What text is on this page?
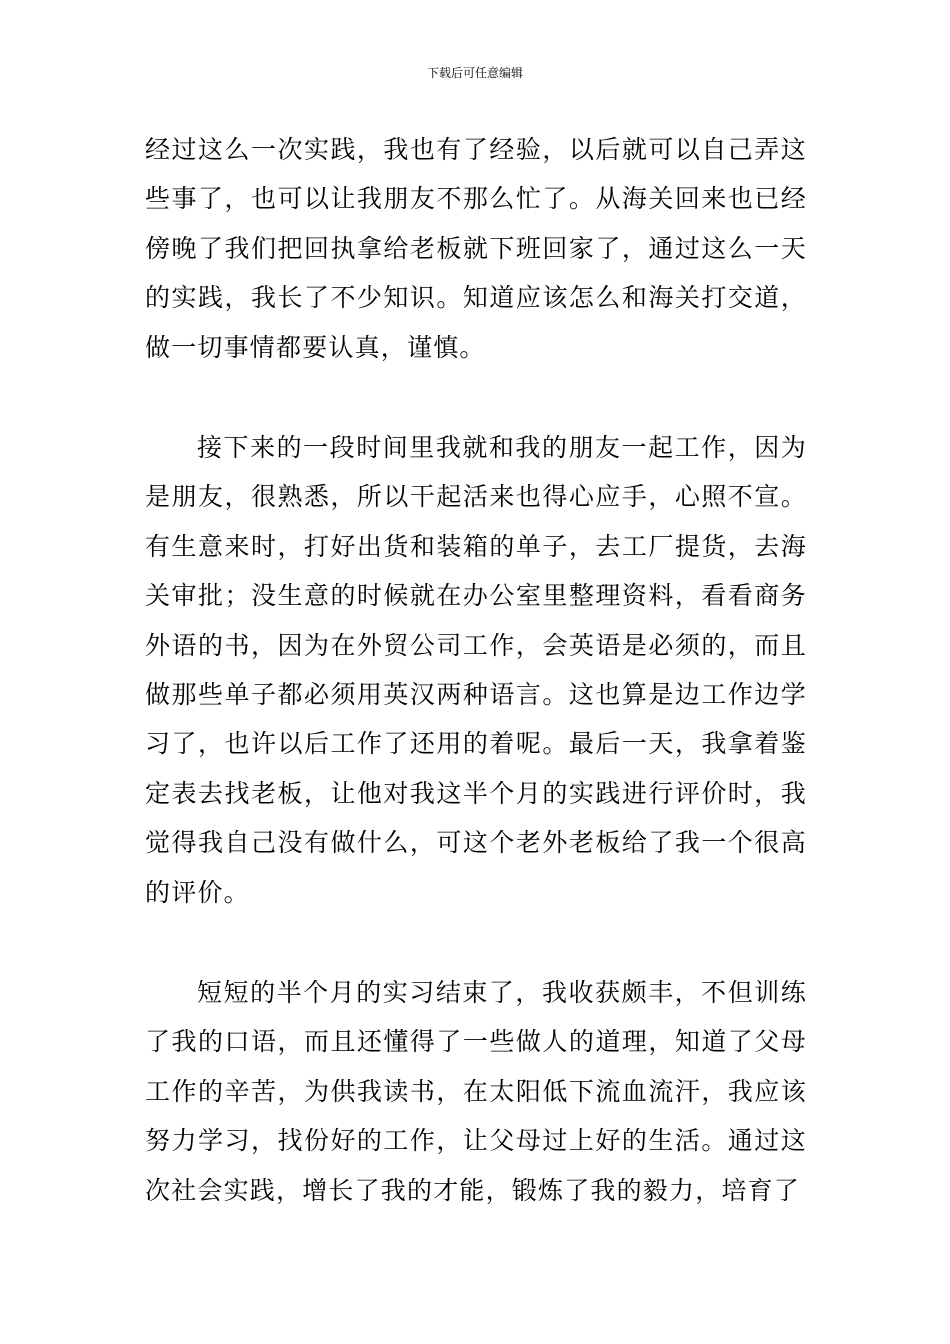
下载后可任意编辑

经过这么一次实践，我也有了经验，以后就可以自己弄这些事了，也可以让我朋友不那么忙了。从海关回来也已经傍晚了我们把回执拿给老板就下班回家了，通过这么一天的实践，我长了不少知识。知道应该怎么和海关打交道，做一切事情都要认真，谨慎。

接下来的一段时间里我就和我的朋友一起工作，因为是朋友，很熟悉，所以干起活来也得心应手，心照不宣。有生意来时，打好出货和装箱的单子，去工厂提货，去海关审批；没生意的时候就在办公室里整理资料，看看商务外语的书，因为在外贸公司工作，会英语是必须的，而且做那些单子都必须用英汉两种语言。这也算是边工作边学习了，也许以后工作了还用的着呢。最后一天，我拿着鉴定表去找老板，让他对我这半个月的实践进行评价时，我觉得我自己没有做什么，可这个老外老板给了我一个很高的评价。

短短的半个月的实习结束了，我收获颇丰，不但训练了我的口语，而且还懂得了一些做人的道理，知道了父母工作的辛苦，为供我读书，在太阳低下流血流汗，我应该努力学习，找份好的工作，让父母过上好的生活。通过这次社会实践，增长了我的才能，锻炼了我的毅力，培育了
